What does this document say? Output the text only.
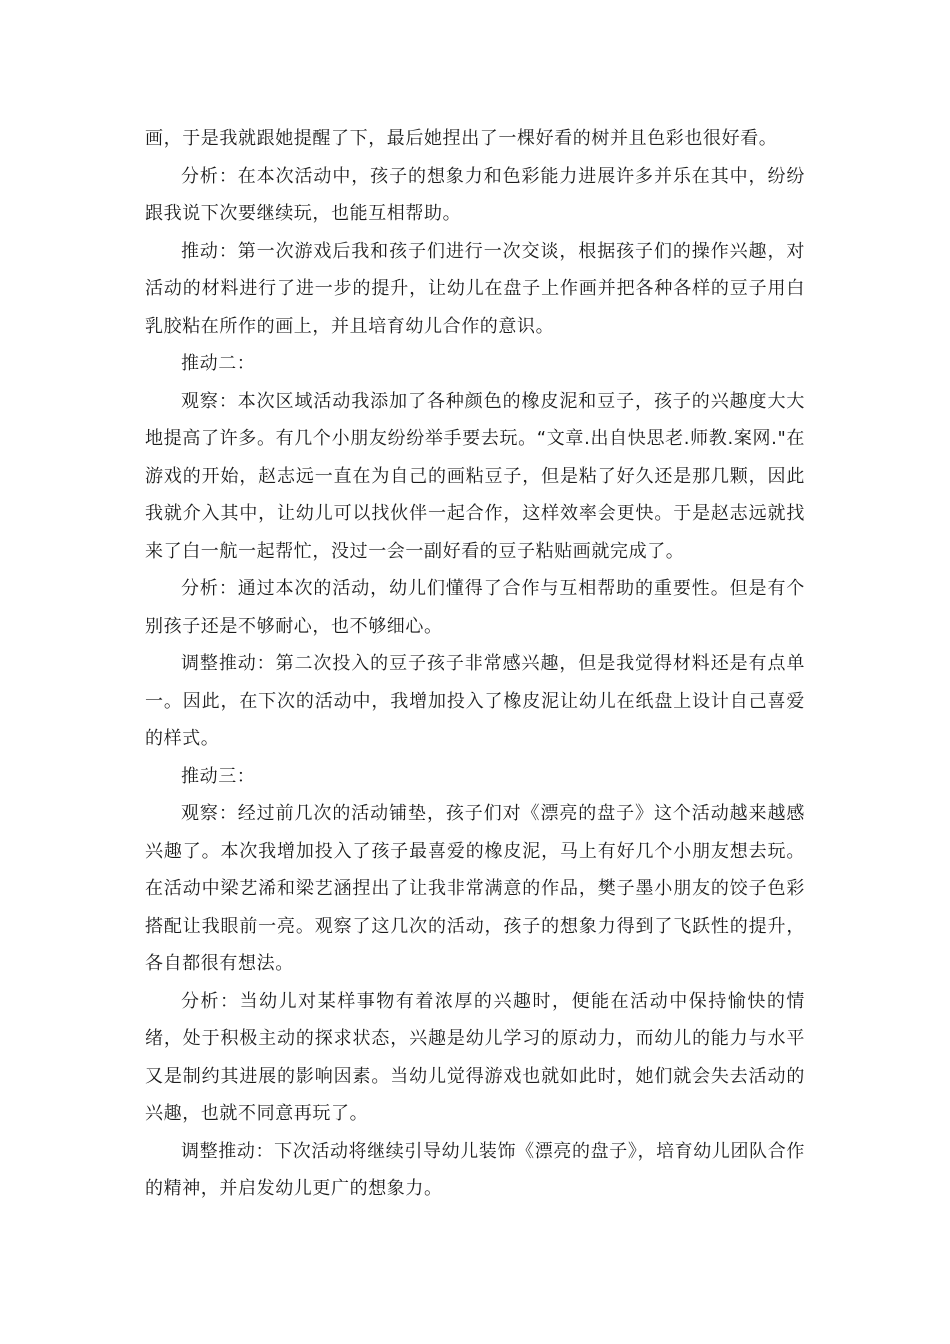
画，于是我就跟她提醒了下，最后她捏出了一棵好看的树并且色彩也很好看。

分析：在本次活动中，孩子的想象力和色彩能力进展许多并乐在其中，纷纷跟我说下次要继续玩，也能互相帮助。

推动：第一次游戏后我和孩子们进行一次交谈，根据孩子们的操作兴趣，对活动的材料进行了进一步的提升，让幼儿在盘子上作画并把各种各样的豆子用白乳胶粘在所作的画上，并且培育幼儿合作的意识。

推动二：

观察：本次区域活动我添加了各种颜色的橡皮泥和豆子，孩子的兴趣度大大地提高了许多。有几个小朋友纷纷举手要去玩。“文章.出自快思老.师教.案网."在游戏的开始，赵志远一直在为自己的画粘豆子，但是粘了好久还是那几颗，因此我就介入其中，让幼儿可以找伙伴一起合作，这样效率会更快。于是赵志远就找来了白一航一起帮忙，没过一会一副好看的豆子粘贴画就完成了。

分析：通过本次的活动，幼儿们懂得了合作与互相帮助的重要性。但是有个别孩子还是不够耐心，也不够细心。

调整推动：第二次投入的豆子孩子非常感兴趣，但是我觉得材料还是有点单一。因此，在下次的活动中，我增加投入了橡皮泥让幼儿在纸盘上设计自己喜爱的样式。

推动三：

观察：经过前几次的活动铺垫，孩子们对《漂亮的盘子》这个活动越来越感兴趣了。本次我增加投入了孩子最喜爱的橡皮泥，马上有好几个小朋友想去玩。在活动中梁艺浠和梁艺涵捏出了让我非常满意的作品，樊子墨小朋友的饺子色彩搭配让我眼前一亮。观察了这几次的活动，孩子的想象力得到了飞跃性的提升，各自都很有想法。

分析：当幼儿对某样事物有着浓厚的兴趣时，便能在活动中保持愉快的情绪，处于积极主动的探求状态，兴趣是幼儿学习的原动力，而幼儿的能力与水平又是制约其进展的影响因素。当幼儿觉得游戏也就如此时，她们就会失去活动的兴趣，也就不同意再玩了。

调整推动：下次活动将继续引导幼儿装饰《漂亮的盘子》，培育幼儿团队合作的精神，并启发幼儿更广的想象力。
